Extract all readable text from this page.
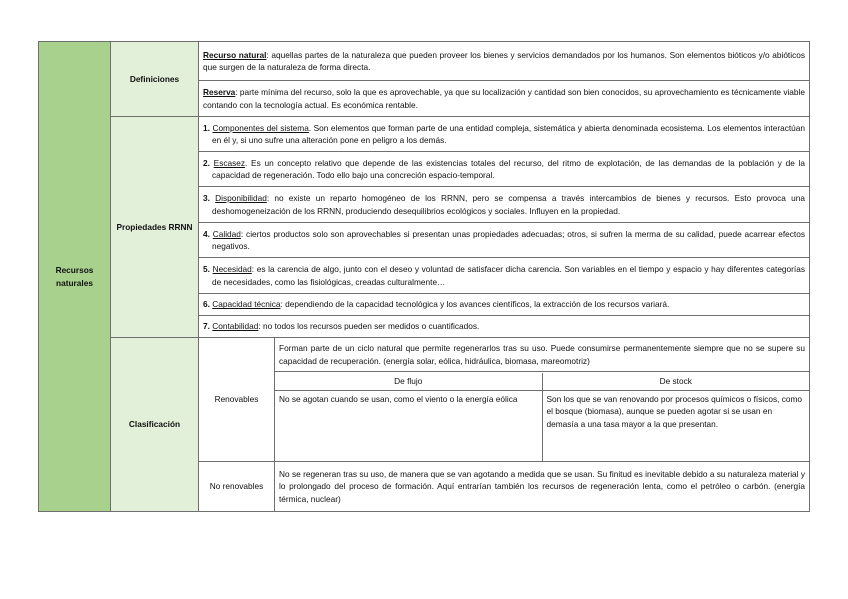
Recursos naturales	Definiciones	Recurso natural: aquellas partes de la naturaleza que pueden proveer los bienes y servicios demandados por los humanos. Son elementos bióticos y/o abióticos que surgen de la naturaleza de forma directa.
Reserva: parte mínima del recurso, solo la que es aprovechable, ya que su localización y cantidad son bien conocidos, su aprovechamiento es técnicamente viable contando con la tecnología actual. Es económica rentable.
Propiedades RRNN	
1. Componentes del sistema. Son elementos que forman parte de una entidad compleja, sistemática y abierta denominada ecosistema. Los elementos interactúan en él y, si uno sufre una alteración pone en peligro a los demás.

2. Escasez. Es un concepto relativo que depende de las existencias totales del recurso, del ritmo de explotación, de las demandas de la población y de la capacidad de regeneración. Todo ello bajo una concreción espacio-temporal.

3. Disponibilidad: no existe un reparto homogéneo de los RRNN, pero se compensa a través intercambios de bienes y recursos. Esto provoca una deshomogeneización de los RRNN, produciendo desequilibrios ecológicos y sociales. Influyen en la propiedad.

4. Calidad: ciertos productos solo son aprovechables si presentan unas propiedades adecuadas; otros, si sufren la merma de su calidad, puede acarrear efectos negativos.

5. Necesidad: es la carencia de algo, junto con el deseo y voluntad de satisfacer dicha carencia. Son variables en el tiempo y espacio y hay diferentes categorías de necesidades, como las fisiológicas, creadas culturalmente…

6. Capacidad técnica: dependiendo de la capacidad tecnológica y los avances científicos, la extracción de los recursos variará.

7. Contabilidad: no todos los recursos pueden ser medidos o cuantificados.

Clasificación	Renovables	Forman parte de un ciclo natural que permite regenerarlos tras su uso. Puede consumirse permanentemente siempre que no se supere su capacidad de recuperación. (energía solar, eólica, hidráulica, biomasa, mareomotriz)

De flujo	De stock
No se agotan cuando se usan, como el viento o la energía eólica	Son los que se van renovando por procesos químicos o físicos, como el bosque (biomasa), aunque se pueden agotar si se usan en demasía a una tasa mayor a la que presentan.

No renovables	No se regeneran tras su uso, de manera que se van agotando a medida que se usan. Su finitud es inevitable debido a su naturaleza material y lo prolongado del proceso de formación. Aquí entrarían también los recursos de regeneración lenta, como el petróleo o carbón. (energía térmica, nuclear)
